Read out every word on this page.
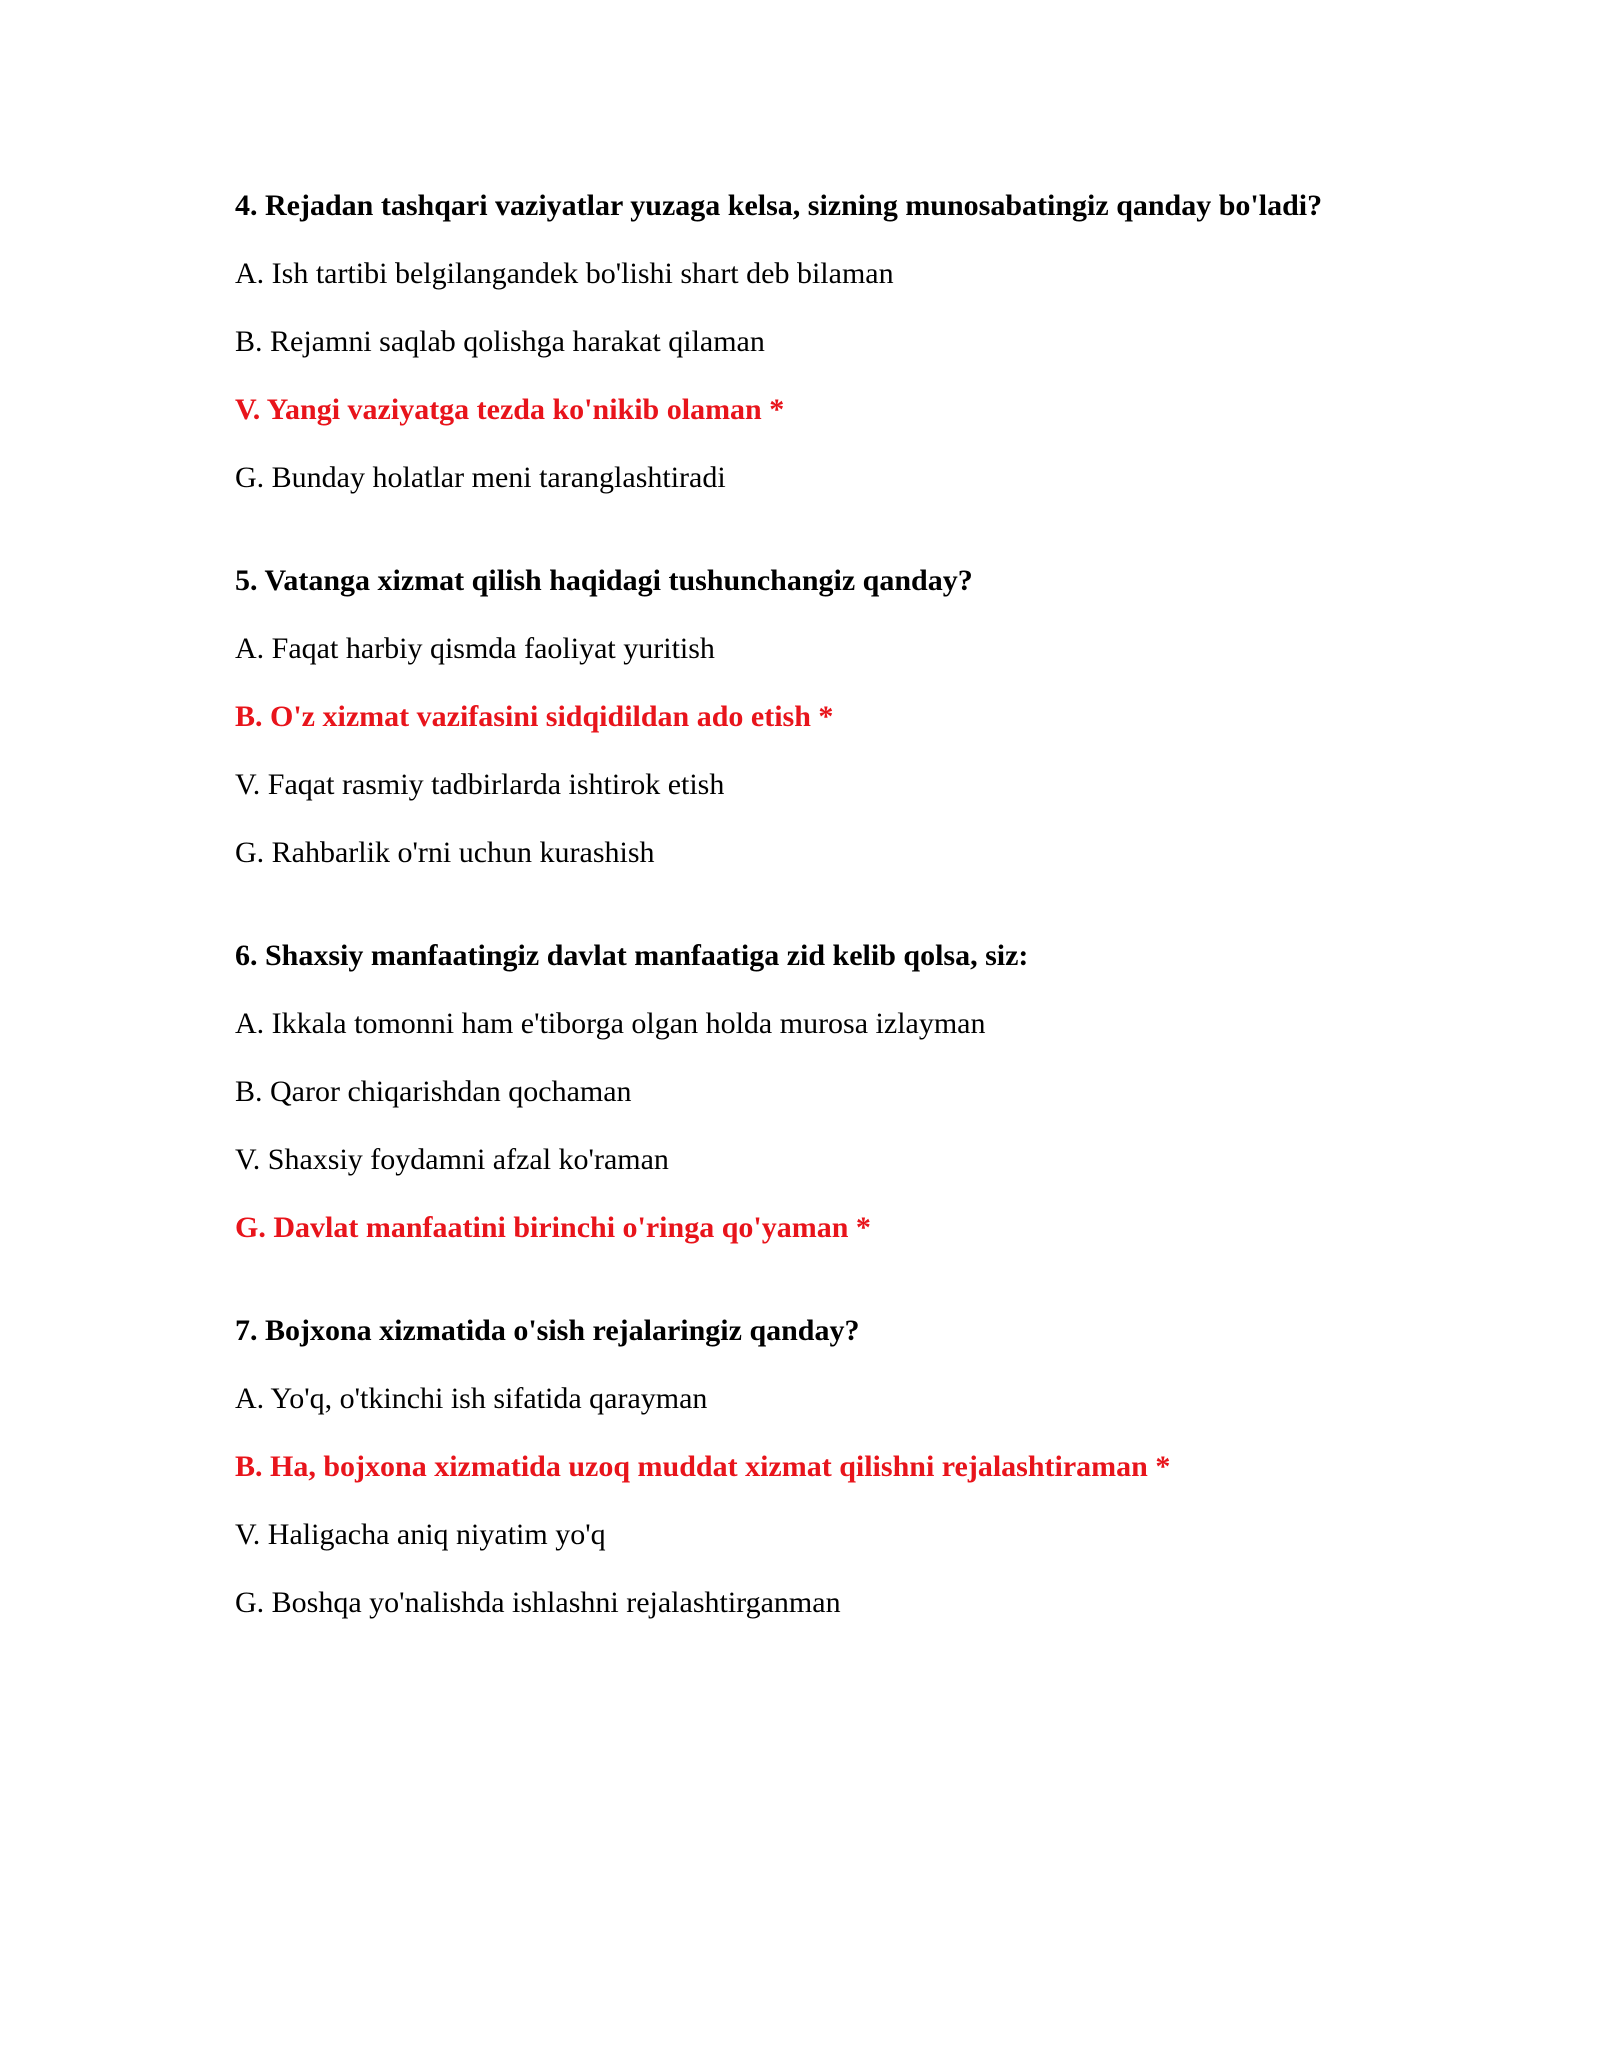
4. Rejadan tashqari vaziyatlar yuzaga kelsa, sizning munosabatingiz qanday bo'ladi?
A. Ish tartibi belgilangandek bo'lishi shart deb bilaman
B. Rejamni saqlab qolishga harakat qilaman
V. Yangi vaziyatga tezda ko'nikib olaman *
G. Bunday holatlar meni taranglashtiradi
5. Vatanga xizmat qilish haqidagi tushunchangiz qanday?
A. Faqat harbiy qismda faoliyat yuritish
B. O'z xizmat vazifasini sidqidildan ado etish *
V. Faqat rasmiy tadbirlarda ishtirok etish
G. Rahbarlik o'rni uchun kurashish
6. Shaxsiy manfaatingiz davlat manfaatiga zid kelib qolsa, siz:
A. Ikkala tomonni ham e'tiborga olgan holda murosa izlayman
B. Qaror chiqarishdan qochaman
V. Shaxsiy foydamni afzal ko'raman
G. Davlat manfaatini birinchi o'ringa qo'yaman *
7. Bojxona xizmatida o'sish rejalaringiz qanday?
A. Yo'q, o'tkinchi ish sifatida qarayman
B. Ha, bojxona xizmatida uzoq muddat xizmat qilishni rejalashtiraman *
V. Haligacha aniq niyatim yo'q
G. Boshqa yo'nalishda ishlashni rejalashtirganman
